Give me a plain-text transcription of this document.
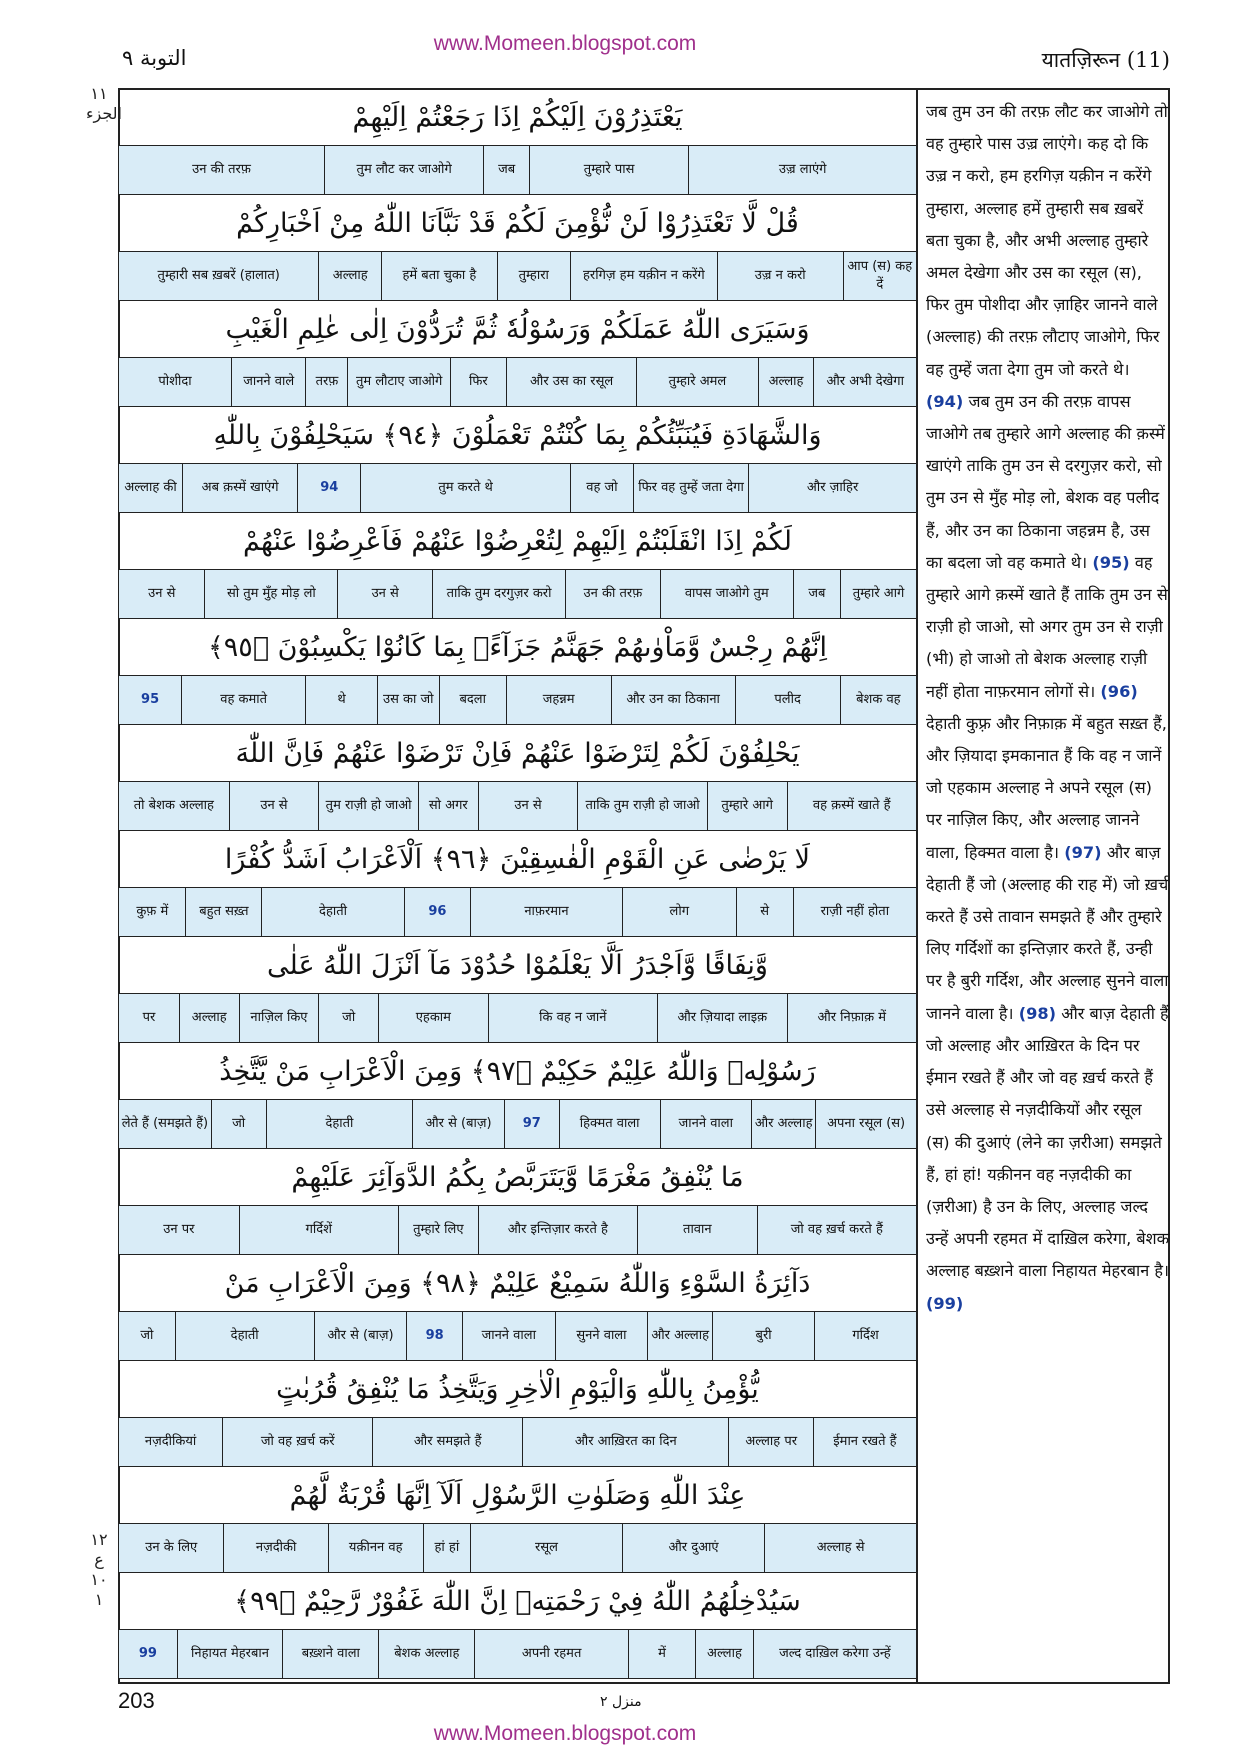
www.Momeen.blogspot.com
التوبة ٩	यातज़िरून (11)
١١ الجزء
١٢ ع ١٠ ١
يَعْتَذِرُوْنَ اِلَيْكُمْ اِذَا رَجَعْتُمْ اِلَيْهِمْ
उज़्र लाएंगे
तुम्हारे पास
जब
तुम लौट कर जाओगे
उन की तरफ़
قُلْ لَّا تَعْتَذِرُوْا لَنْ نُّؤْمِنَ لَكُمْ قَدْ نَبَّاَنَا اللّٰهُ مِنْ اَخْبَارِكُمْ
आप (स) कह दें
उज़्र न करो
हरगिज़ हम यक़ीन न करेंगे
तुम्हारा
हमें बता चुका है
अल्लाह
तुम्हारी सब ख़बरें (हालात)
وَسَيَرَى اللّٰهُ عَمَلَكُمْ وَرَسُوْلُهٗ ثُمَّ تُرَدُّوْنَ اِلٰى عٰلِمِ الْغَيْبِ
और अभी देखेगा
अल्लाह
तुम्हारे अमल
और उस का रसूल
फिर
तुम लौटाए जाओगे
तरफ़
जानने वाले
पोशीदा
وَالشَّهَادَةِ فَيُنَبِّئُكُمْ بِمَا كُنْتُمْ تَعْمَلُوْنَ ﴿٩٤﴾ سَيَحْلِفُوْنَ بِاللّٰهِ
और ज़ाहिर
फिर वह तुम्हें जता देगा
वह जो
तुम करते थे
94
अब क़स्में खाएंगे
अल्लाह की
لَكُمْ اِذَا انْقَلَبْتُمْ اِلَيْهِمْ لِتُعْرِضُوْا عَنْهُمْ فَاَعْرِضُوْا عَنْهُمْ
तुम्हारे आगे
जब
वापस जाओगे तुम
उन की तरफ़
ताकि तुम दरगुज़र करो
उन से
सो तुम मुँह मोड़ लो
उन से
اِنَّهُمْ رِجْسٌ وَّمَاْوٰىهُمْ جَهَنَّمُ جَزَآءًۢ بِمَا كَانُوْا يَكْسِبُوْنَ ﴿٩٥﴾
बेशक वह
पलीद
और उन का ठिकाना
जहन्नम
बदला
उस का जो
थे
वह कमाते
95
يَحْلِفُوْنَ لَكُمْ لِتَرْضَوْا عَنْهُمْ فَاِنْ تَرْضَوْا عَنْهُمْ فَاِنَّ اللّٰهَ
वह क़स्में खाते हैं
तुम्हारे आगे
ताकि तुम राज़ी हो जाओ
उन से
सो अगर
तुम राज़ी हो जाओ
उन से
तो बेशक अल्लाह
لَا يَرْضٰى عَنِ الْقَوْمِ الْفٰسِقِيْنَ ﴿٩٦﴾ اَلْاَعْرَابُ اَشَدُّ كُفْرًا
राज़ी नहीं होता
से
लोग
नाफ़रमान
96
देहाती
बहुत सख़्त
कुफ़ में
وَّنِفَاقًا وَّاَجْدَرُ اَلَّا يَعْلَمُوْا حُدُوْدَ مَآ اَنْزَلَ اللّٰهُ عَلٰى
और निफ़ाक़ में
और ज़ियादा लाइक़
कि वह न जानें
एहकाम
जो
नाज़िल किए
अल्लाह
पर
رَسُوْلِهٖ وَاللّٰهُ عَلِيْمٌ حَكِيْمٌ ﴿٩٧﴾ وَمِنَ الْاَعْرَابِ مَنْ يَّتَّخِذُ
अपना रसूल (स)
और अल्लाह
जानने वाला
हिक्मत वाला
97
और से (बाज़)
देहाती
जो
लेते हैं (समझते हैं)
مَا يُنْفِقُ مَغْرَمًا وَّيَتَرَبَّصُ بِكُمُ الدَّوَآئِرَ عَلَيْهِمْ
जो वह ख़र्च करते हैं
तावान
और इन्तिज़ार करते है
तुम्हारे लिए
गर्दिशें
उन पर
دَآئِرَةُ السَّوْءِ وَاللّٰهُ سَمِيْعٌ عَلِيْمٌ ﴿٩٨﴾ وَمِنَ الْاَعْرَابِ مَنْ
गर्दिश
बुरी
और अल्लाह
सुनने वाला
जानने वाला
98
और से (बाज़)
देहाती
जो
يُّؤْمِنُ بِاللّٰهِ وَالْيَوْمِ الْاٰخِرِ وَيَتَّخِذُ مَا يُنْفِقُ قُرُبٰتٍ
ईमान रखते हैं
अल्लाह पर
और आख़िरत का दिन
और समझते हैं
जो वह ख़र्च करें
नज़दीकियां
عِنْدَ اللّٰهِ وَصَلَوٰتِ الرَّسُوْلِ اَلَآ اِنَّهَا قُرْبَةٌ لَّهُمْ
अल्लाह से
और दुआएं
रसूल
हां हां
यक़ीनन वह
नज़दीकी
उन के लिए
سَيُدْخِلُهُمُ اللّٰهُ فِيْ رَحْمَتِهٖ اِنَّ اللّٰهَ غَفُوْرٌ رَّحِيْمٌ ﴿٩٩﴾
जल्द दाख़िल करेगा उन्हें
अल्लाह
में
अपनी रहमत
बेशक अल्लाह
बख़्शने वाला
निहायत मेहरबान
99
जब तुम उन की तरफ़ लौट कर जाओगे तो वह तुम्हारे पास उज़्र लाएंगे। कह दो कि उज़्र न करो, हम हरगिज़ यक़ीन न करेंगे तुम्हारा, अल्लाह हमें तुम्हारी सब ख़बरें बता चुका है, और अभी अल्लाह तुम्हारे अमल देखेगा और उस का रसूल (स), फिर तुम पोशीदा और ज़ाहिर जानने वाले (अल्लाह) की तरफ़ लौटाए जाओगे, फिर वह तुम्हें जता देगा तुम जो करते थे। (94) जब तुम उन की तरफ़ वापस जाओगे तब तुम्हारे आगे अल्लाह की क़स्में खाएंगे ताकि तुम उन से दरगुज़र करो, सो तुम उन से मुँह मोड़ लो, बेशक वह पलीद हैं, और उन का ठिकाना जहन्नम है, उस का बदला जो वह कमाते थे। (95) वह तुम्हारे आगे क़स्में खाते हैं ताकि तुम उन से राज़ी हो जाओ, सो अगर तुम उन से राज़ी (भी) हो जाओ तो बेशक अल्लाह राज़ी नहीं होता नाफ़रमान लोगों से। (96) देहाती कुफ़्र और निफ़ाक़ में बहुत सख़्त हैं, और ज़ियादा इमकानात हैं कि वह न जानें जो एहकाम अल्लाह ने अपने रसूल (स) पर नाज़िल किए, और अल्लाह जानने वाला, हिक्मत वाला है। (97) और बाज़ देहाती हैं जो (अल्लाह की राह में) जो ख़र्च करते हैं उसे तावान समझते हैं और तुम्हारे लिए गर्दिशों का इन्तिज़ार करते हैं, उन्ही पर है बुरी गर्दिश, और अल्लाह सुनने वाला जानने वाला है। (98) और बाज़ देहाती हैं जो अल्लाह और आख़िरत के दिन पर ईमान रखते हैं और जो वह ख़र्च करते हैं उसे अल्लाह से नज़दीकियों और रसूल (स) की दुआएं (लेने का ज़रीआ) समझते हैं, हां हां! यक़ीनन वह नज़दीकी का (ज़रीआ) है उन के लिए, अल्लाह जल्द उन्हें अपनी रहमत में दाख़िल करेगा, बेशक अल्लाह बख़्शने वाला निहायत मेहरबान है। (99)
203	منزل ٢
www.Momeen.blogspot.com
